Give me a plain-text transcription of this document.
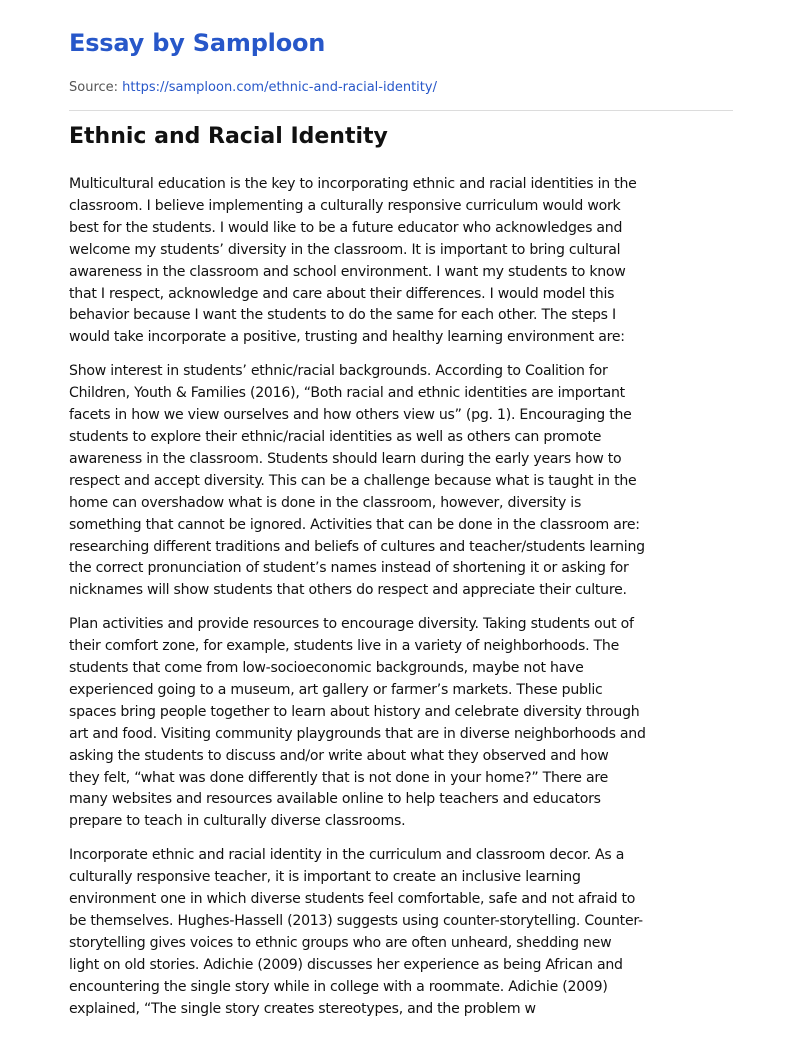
Essay by Samploon
Source: https://samploon.com/ethnic-and-racial-identity/
Ethnic and Racial Identity

Multicultural education is the key to incorporating ethnic and racial identities in the
classroom. I believe implementing a culturally responsive curriculum would work
best for the students. I would like to be a future educator who acknowledges and
welcome my students’ diversity in the classroom. It is important to bring cultural
awareness in the classroom and school environment. I want my students to know
that I respect, acknowledge and care about their differences. I would model this
behavior because I want the students to do the same for each other. The steps I
would take incorporate a positive, trusting and healthy learning environment are:

Show interest in students’ ethnic/racial backgrounds. According to Coalition for
Children, Youth & Families (2016), “Both racial and ethnic identities are important
facets in how we view ourselves and how others view us” (pg. 1). Encouraging the
students to explore their ethnic/racial identities as well as others can promote
awareness in the classroom. Students should learn during the early years how to
respect and accept diversity. This can be a challenge because what is taught in the
home can overshadow what is done in the classroom, however, diversity is
something that cannot be ignored. Activities that can be done in the classroom are:
researching different traditions and beliefs of cultures and teacher/students learning
the correct pronunciation of student’s names instead of shortening it or asking for
nicknames will show students that others do respect and appreciate their culture.

Plan activities and provide resources to encourage diversity. Taking students out of
their comfort zone, for example, students live in a variety of neighborhoods. The
students that come from low-socioeconomic backgrounds, maybe not have
experienced going to a museum, art gallery or farmer’s markets. These public
spaces bring people together to learn about history and celebrate diversity through
art and food. Visiting community playgrounds that are in diverse neighborhoods and
asking the students to discuss and/or write about what they observed and how
they felt, “what was done differently that is not done in your home?” There are
many websites and resources available online to help teachers and educators
prepare to teach in culturally diverse classrooms.

Incorporate ethnic and racial identity in the curriculum and classroom decor. As a
culturally responsive teacher, it is important to create an inclusive learning
environment one in which diverse students feel comfortable, safe and not afraid to
be themselves. Hughes-Hassell (2013) suggests using counter-storytelling. Counter-
storytelling gives voices to ethnic groups who are often unheard, shedding new
light on old stories. Adichie (2009) discusses her experience as being African and
encountering the single story while in college with a roommate. Adichie (2009)
explained, “The single story creates stereotypes, and the problem w
